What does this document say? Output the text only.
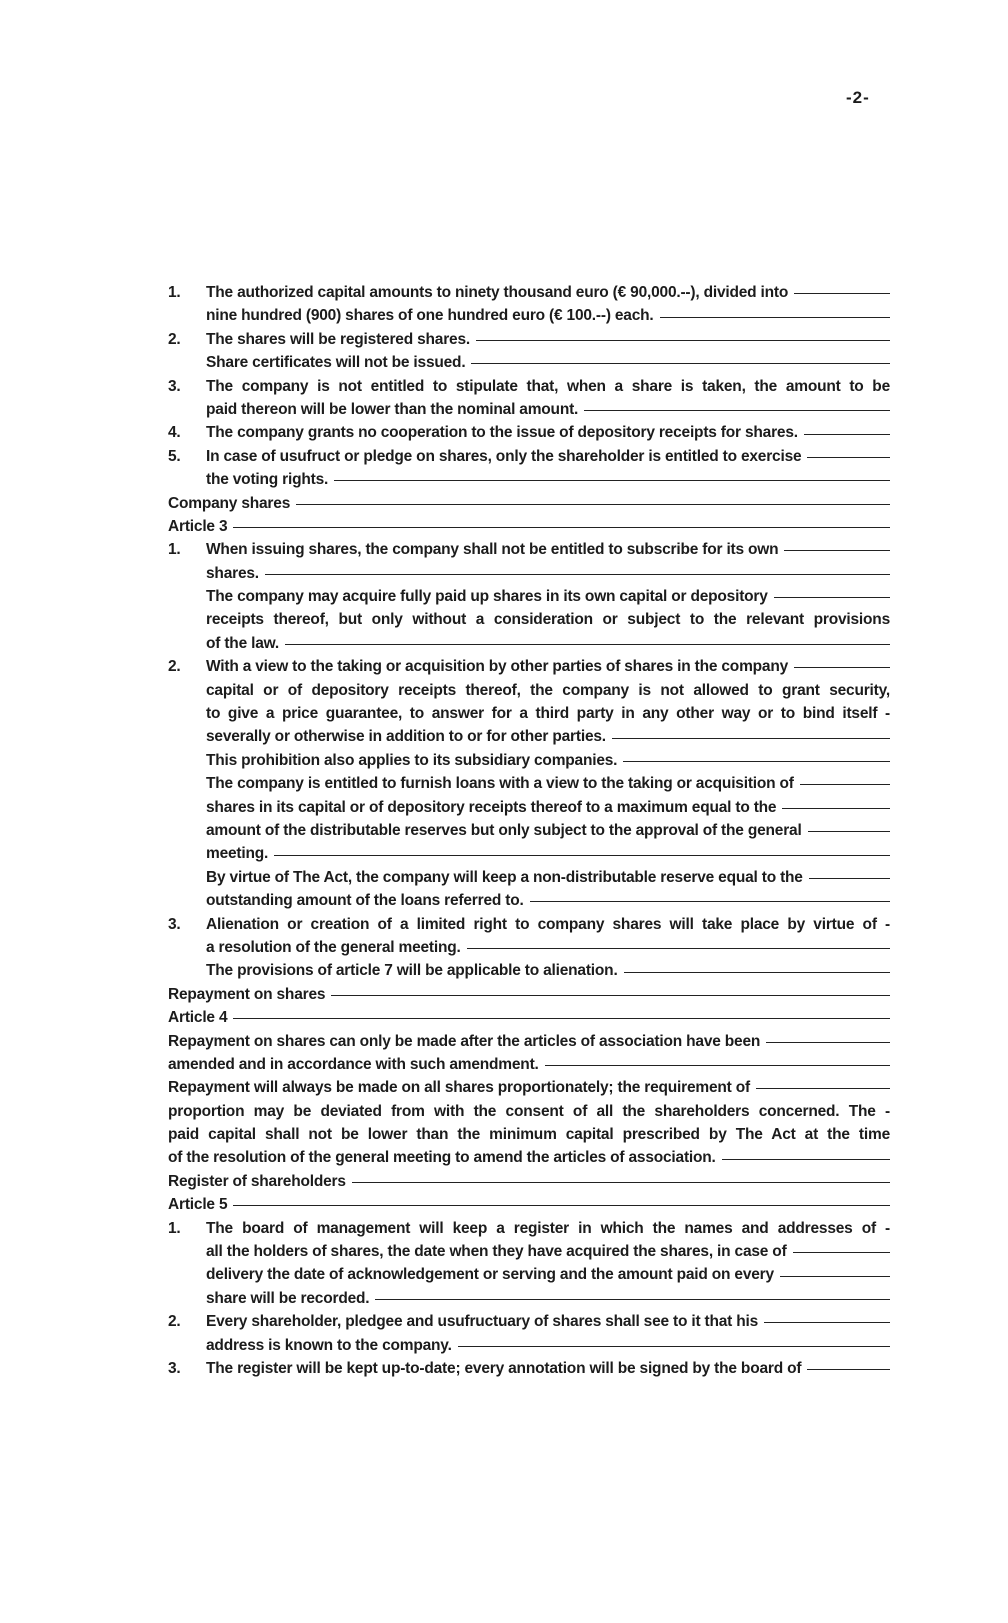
-2-
1.	The authorized capital amounts to ninety thousand euro (€ 90,000.--), divided into
nine hundred (900) shares of one hundred euro (€ 100.--) each.
2.	The shares will be registered shares.
Share certificates will not be issued.
3.	The company is not entitled to stipulate that, when a share is taken, the amount to be
paid thereon will be lower than the nominal amount.
4.	The company grants no cooperation to the issue of depository receipts for shares.
5.	In case of usufruct or pledge on shares, only the shareholder is entitled to exercise
the voting rights.
Company shares
Article 3
1.	When issuing shares, the company shall not be entitled to subscribe for its own
shares.
The company may acquire fully paid up shares in its own capital or depository
receipts thereof, but only without a consideration or subject to the relevant provisions
of the law.
2.	With a view to the taking or acquisition by other parties of shares in the company
capital or of depository receipts thereof, the company is not allowed to grant security,
to give a price guarantee, to answer for a third party in any other way or to bind itself -
severally or otherwise in addition to or for other parties.
This prohibition also applies to its subsidiary companies.
The company is entitled to furnish loans with a view to the taking or acquisition of
shares in its capital or of depository receipts thereof to a maximum equal to the
amount of the distributable reserves but only subject to the approval of the general
meeting.
By virtue of The Act, the company will keep a non-distributable reserve equal to the
outstanding amount of the loans referred to.
3.	Alienation or creation of a limited right to company shares will take place by virtue of -
a resolution of the general meeting.
The provisions of article 7 will be applicable to alienation.
Repayment on shares
Article 4
Repayment on shares can only be made after the articles of association have been
amended and in accordance with such amendment.
Repayment will always be made on all shares proportionately; the requirement of
proportion may be deviated from with the consent of all the shareholders concerned. The -
paid capital shall not be lower than the minimum capital prescribed by The Act at the time
of the resolution of the general meeting to amend the articles of association.
Register of shareholders
Article 5
1.	The board of management will keep a register in which the names and addresses of -
all the holders of shares, the date when they have acquired the shares, in case of
delivery the date of acknowledgement or serving and the amount paid on every
share will be recorded.
2.	Every shareholder, pledgee and usufructuary of shares shall see to it that his
address is known to the company.
3.	The register will be kept up-to-date; every annotation will be signed by the board of
